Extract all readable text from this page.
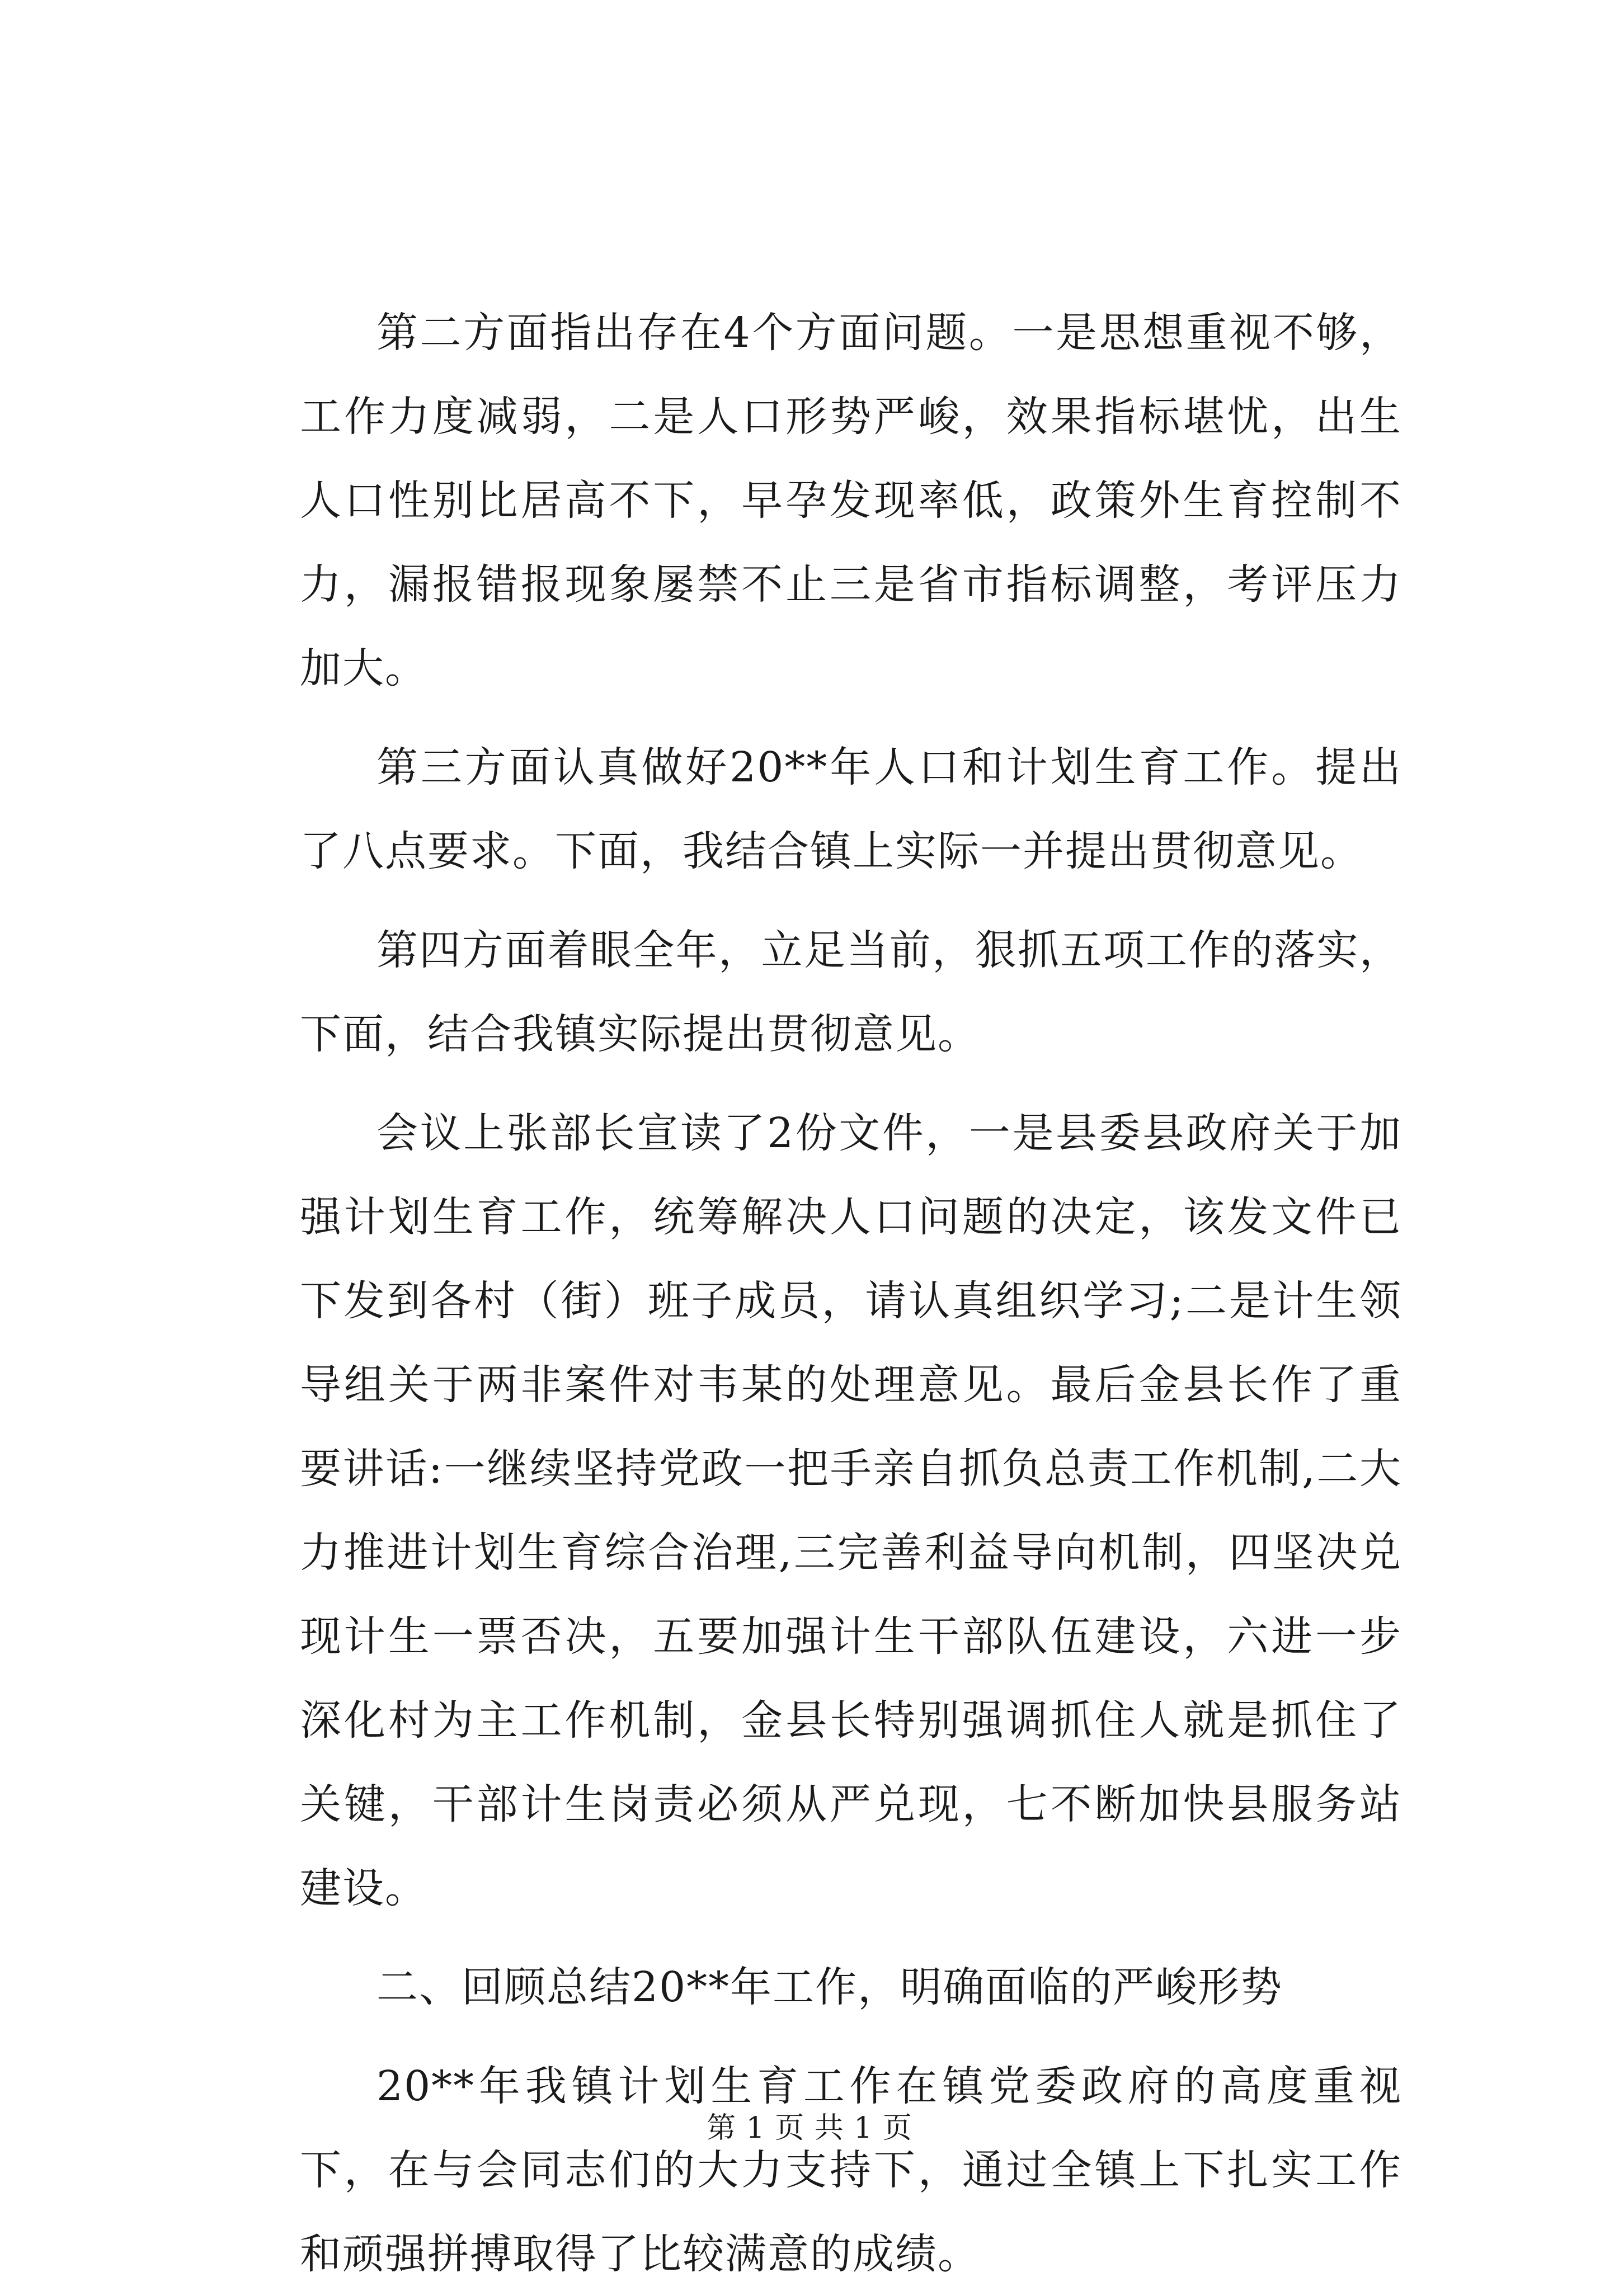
第二方面指出存在4个方面问题。一是思想重视不够，工作力度减弱，二是人口形势严峻，效果指标堪忧，出生人口性别比居高不下，早孕发现率低，政策外生育控制不力，漏报错报现象屡禁不止三是省市指标调整，考评压力加大。

第三方面认真做好20**年人口和计划生育工作。提出了八点要求。下面，我结合镇上实际一并提出贯彻意见。

第四方面着眼全年，立足当前，狠抓五项工作的落实，下面，结合我镇实际提出贯彻意见。

会议上张部长宣读了2份文件，一是县委县政府关于加强计划生育工作，统筹解决人口问题的决定，该发文件已下发到各村（街）班子成员，请认真组织学习;二是计生领导组关于两非案件对韦某的处理意见。最后金县长作了重要讲话:一继续坚持党政一把手亲自抓负总责工作机制,二大力推进计划生育综合治理,三完善利益导向机制，四坚决兑现计生一票否决，五要加强计生干部队伍建设，六进一步深化村为主工作机制，金县长特别强调抓住人就是抓住了关键，干部计生岗责必须从严兑现，七不断加快县服务站建设。

二、回顾总结20**年工作，明确面临的严峻形势

20**年我镇计划生育工作在镇党委政府的高度重视下，在与会同志们的大力支持下，通过全镇上下扎实工作和顽强拼搏取得了比较满意的成绩。

第 1 页 共 1 页
